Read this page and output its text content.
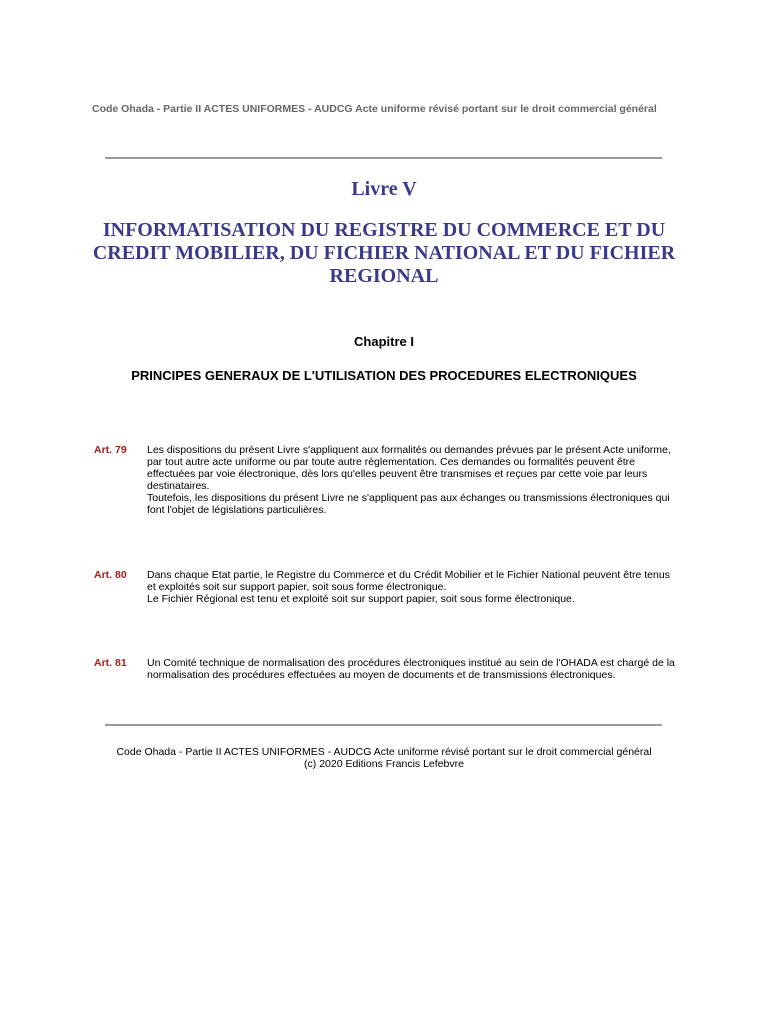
Code Ohada - Partie II ACTES UNIFORMES - AUDCG Acte uniforme révisé portant sur le droit commercial général
Livre V
INFORMATISATION DU REGISTRE DU COMMERCE ET DU CREDIT MOBILIER, DU FICHIER NATIONAL ET DU FICHIER REGIONAL
Chapitre I
PRINCIPES GENERAUX DE L'UTILISATION DES PROCEDURES ELECTRONIQUES
Art. 79 Les dispositions du présent Livre s'appliquent aux formalités ou demandes prévues par le présent Acte uniforme, par tout autre acte uniforme ou par toute autre règlementation. Ces demandes ou formalités peuvent être effectuées par voie électronique, dès lors qu'elles peuvent être transmises et reçues par cette voie par leurs destinataires.

Toutefois, les dispositions du présent Livre ne s'appliquent pas aux échanges ou transmissions électroniques qui font l'objet de législations particulières.

Art. 80 Dans chaque Etat partie, le Registre du Commerce et du Crédit Mobilier et le Fichier National peuvent être tenus et exploités soit sur support papier, soit sous forme électronique.

Le Fichier Régional est tenu et exploité soit sur support papier, soit sous forme électronique.

Art. 81 Un Comité technique de normalisation des procédures électroniques institué au sein de l'OHADA est chargé de la normalisation des procédures effectuées au moyen de documents et de transmissions électroniques.

Code Ohada - Partie II ACTES UNIFORMES - AUDCG Acte uniforme révisé portant sur le droit commercial général

(c) 2020 Editions Francis Lefebvre
